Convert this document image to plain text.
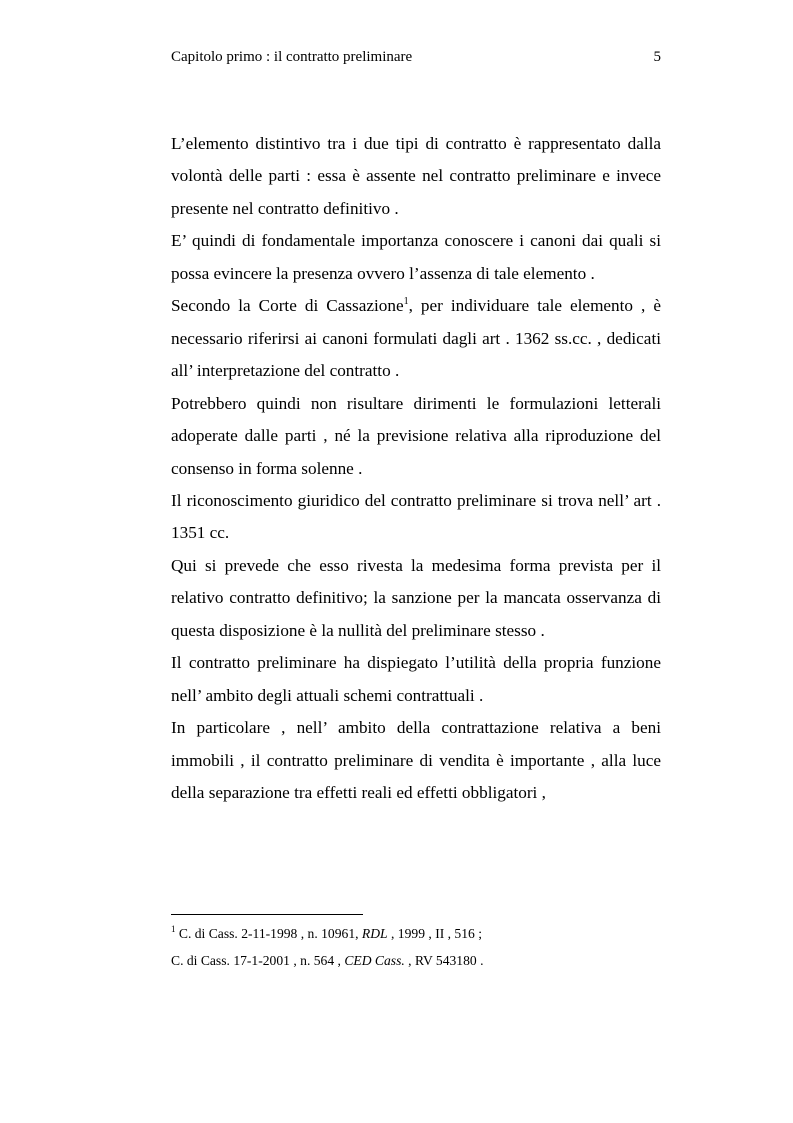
Capitolo primo : il contratto preliminare	5

L’elemento distintivo tra i due tipi di contratto è rappresentato dalla volontà delle parti : essa è assente nel contratto preliminare e invece presente nel contratto definitivo .

E’ quindi di fondamentale importanza conoscere i canoni dai quali si possa evincere la presenza ovvero l’assenza di tale elemento .

Secondo la Corte di Cassazione$^1$, per individuare tale elemento , è necessario riferirsi ai canoni formulati dagli art . 1362 ss.cc. , dedicati all’ interpretazione del contratto .

Potrebbero quindi non risultare dirimenti le formulazioni letterali adoperate dalle parti , né la previsione relativa alla riproduzione del consenso in forma solenne .

Il riconoscimento giuridico del contratto preliminare si trova nell’ art . 1351 cc.

Qui si prevede che esso rivesta la medesima forma prevista per il relativo contratto definitivo; la sanzione per la mancata osservanza di questa disposizione è la nullità del preliminare stesso .

Il contratto preliminare ha dispiegato l’utilità della propria funzione nell’ ambito degli attuali schemi contrattuali .

In particolare , nell’ ambito della contrattazione relativa a beni immobili , il contratto preliminare di vendita è importante , alla luce della separazione tra effetti reali ed effetti obbligatori ,

$^1$ C. di Cass. 2-11-1998 , n. 10961, RDL , 1999 , II , 516 ;

C. di Cass. 17-1-2001 , n. 564 , CED Cass. , RV 543180 .
